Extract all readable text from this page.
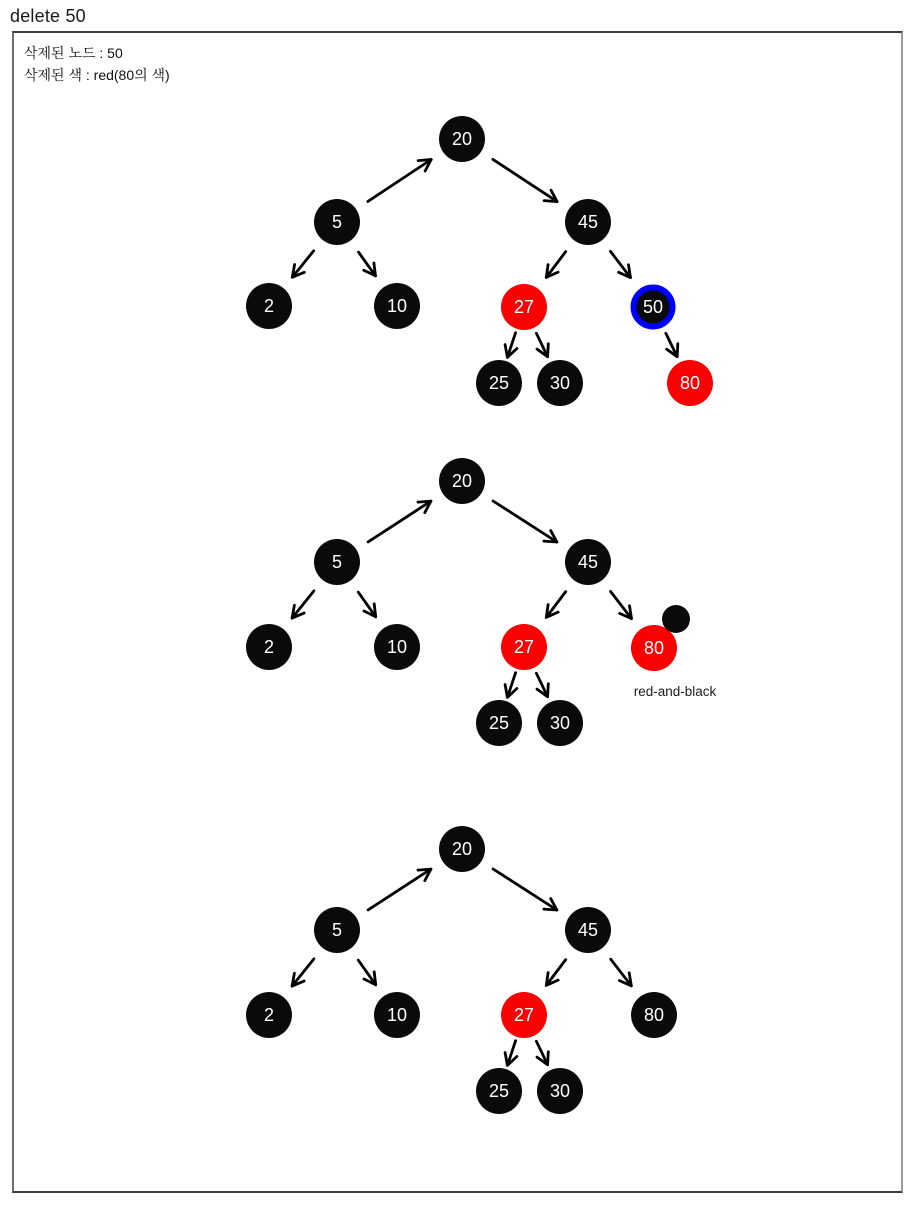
delete 50
삭제된 노드 : 50
삭제된 색 : red(80의 색)
20
5	45
2	10	27	50
25 30	80
20
5	45
2	10	27	80
25 30
red-and-black
20
5	45
2	10	27	80
25 30
